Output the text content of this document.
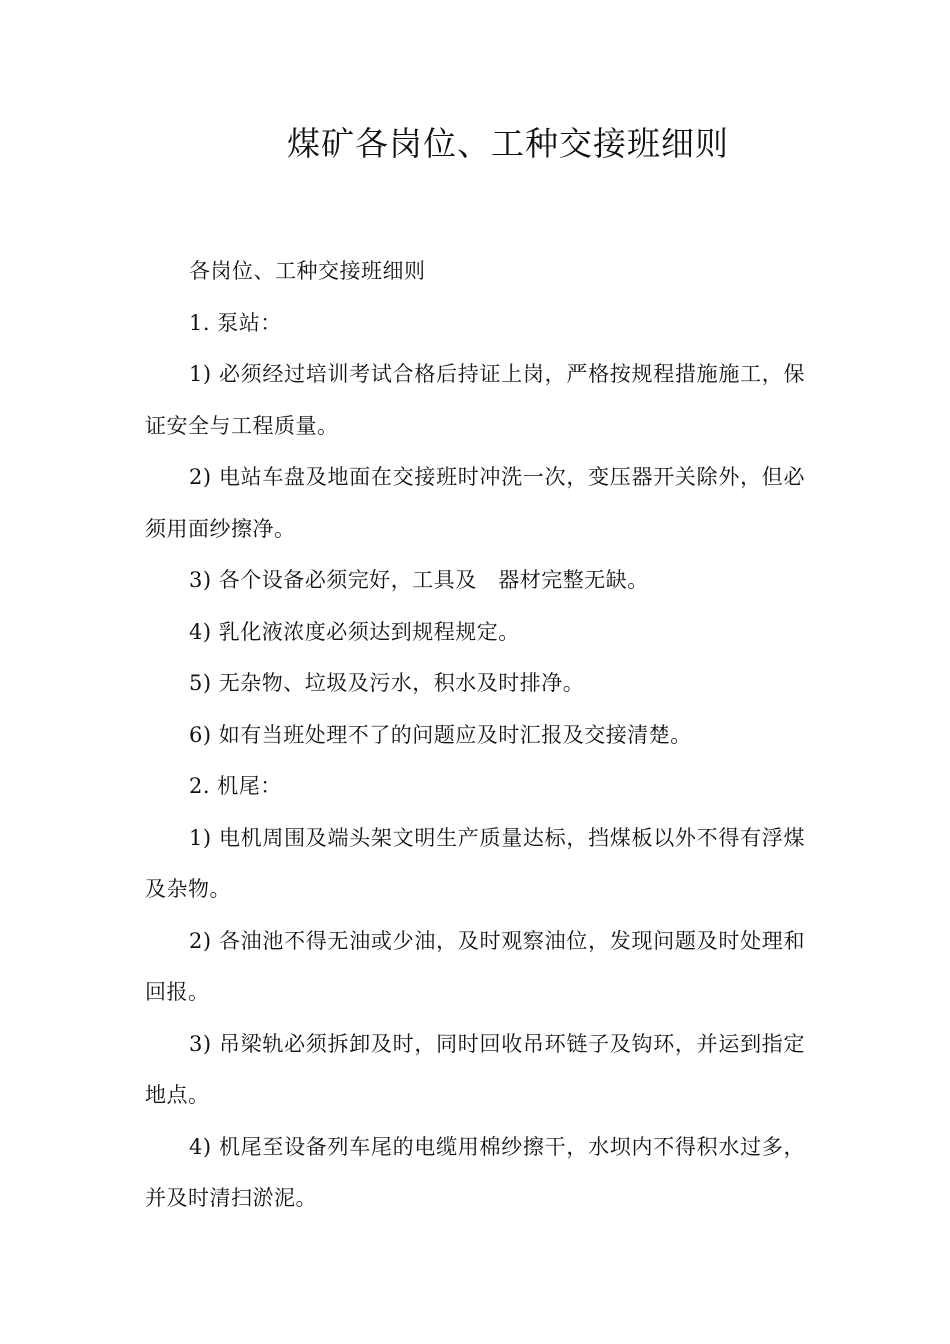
煤矿各岗位、工种交接班细则

各岗位、工种交接班细则

1. 泵站：

1) 必须经过培训考试合格后持证上岗，严格按规程措施施工，保证安全与工程质量。

2) 电站车盘及地面在交接班时冲洗一次，变压器开关除外，但必须用面纱擦净。

3) 各个设备必须完好，工具及　器材完整无缺。

4) 乳化液浓度必须达到规程规定。

5) 无杂物、垃圾及污水，积水及时排净。

6) 如有当班处理不了的问题应及时汇报及交接清楚。

2. 机尾：

1) 电机周围及端头架文明生产质量达标，挡煤板以外不得有浮煤及杂物。

2) 各油池不得无油或少油，及时观察油位，发现问题及时处理和回报。

3) 吊梁轨必须拆卸及时，同时回收吊环链子及钩环，并运到指定地点。

4) 机尾至设备列车尾的电缆用棉纱擦干，水坝内不得积水过多，并及时清扫淤泥。
